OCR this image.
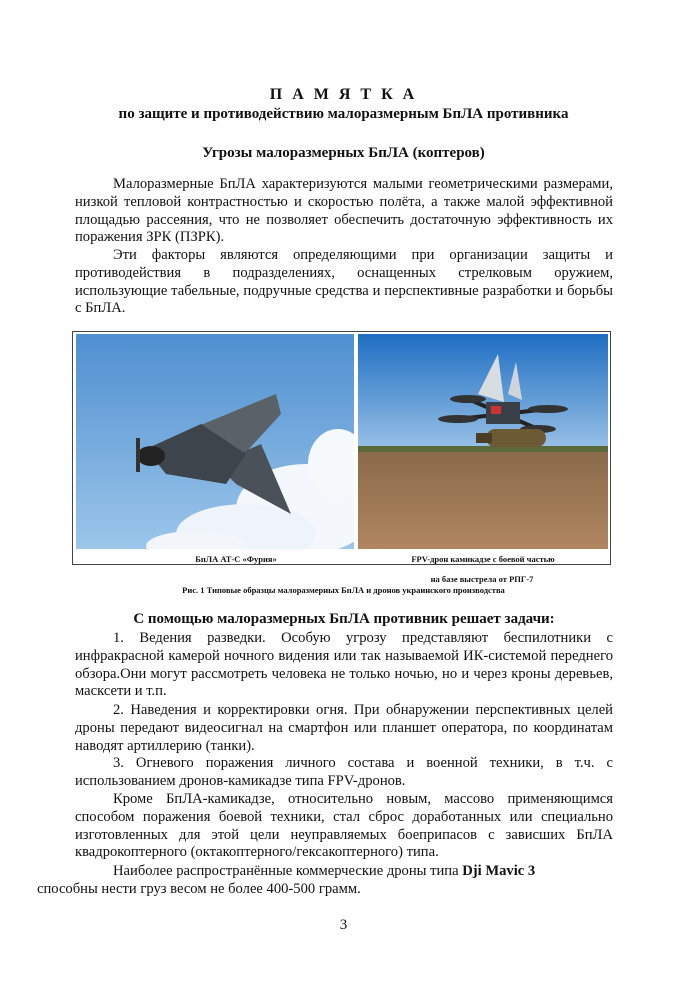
П А М Я Т К А
по защите и противодействию малоразмерным БпЛА противника
Угрозы малоразмерных БпЛА (коптеров)

Малоразмерные БпЛА характеризуются малыми геометрическими размерами, низкой тепловой контрастностью и скоростью полёта, а также малой эффективной площадью рассеяния, что не позволяет обеспечить достаточную эффективность их поражения ЗРК (ПЗРК).

Эти факторы являются определяющими при организации защиты и противодействия в подразделениях, оснащенных стрелковым оружием, использующие табельные, подручные средства и перспективные разработки и борьбы с БпЛА.

БпЛА АТ-С «Фурия»	FPV-дрон камикадзе с боевой частью
на базе выстрела от РПГ-7
Рис. 1 Типовые образцы малоразмерных БпЛА и дронов украинского производства
С помощью малоразмерных БпЛА противник решает задачи:

1. Ведения разведки. Особую угрозу представляют беспилотники с инфракрасной камерой ночного видения или так называемой ИК-системой переднего обзора.Они могут рассмотреть человека не только ночью, но и через кроны деревьев, масксети и т.п.

2. Наведения и корректировки огня. При обнаружении перспективных целей дроны передают видеосигнал на смартфон или планшет оператора, по координатам наводят артиллерию (танки).

3. Огневого поражения личного состава и военной техники, в т.ч. с использованием дронов-камикадзе типа FPV-дронов.

Кроме БпЛА-камикадзе, относительно новым, массово применяющимся способом поражения боевой техники, стал сброс доработанных или специально изготовленных для этой цели неуправляемых боеприпасов с зависших БпЛА квадрокоптерного (октакоптерного/гексакоптерного) типа.

Наиболее распространённые коммерческие дроны типа Dji Mavic 3
способны нести груз весом не более 400-500 грамм.

3
